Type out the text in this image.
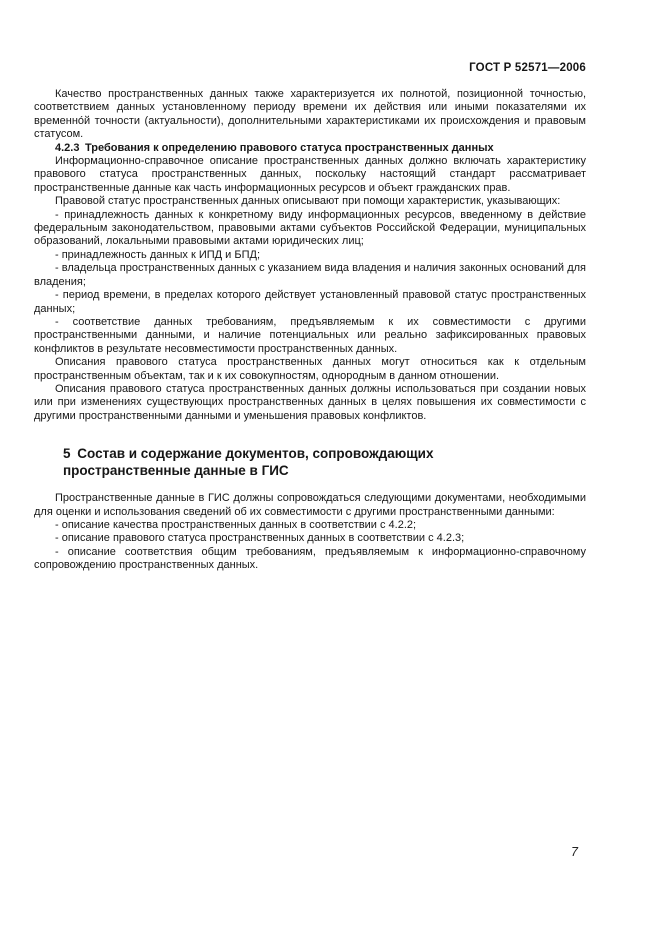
ГОСТ Р 52571—2006

Качество пространственных данных также характеризуется их полнотой, позиционной точностью, соответствием данных установленному периоду времени их действия или иными показателями их временно́й точности (актуальности), дополнительными характеристиками их происхождения и правовым статусом.

4.2.3 Требования к определению правового статуса пространственных данных

Информационно-справочное описание пространственных данных должно включать характеристику правового статуса пространственных данных, поскольку настоящий стандарт рассматривает пространственные данные как часть информационных ресурсов и объект гражданских прав.

Правовой статус пространственных данных описывают при помощи характеристик, указывающих:

- принадлежность данных к конкретному виду информационных ресурсов, введенному в действие федеральным законодательством, правовыми актами субъектов Российской Федерации, муниципальных образований, локальными правовыми актами юридических лиц;

- принадлежность данных к ИПД и БПД;

- владельца пространственных данных с указанием вида владения и наличия законных оснований для владения;

- период времени, в пределах которого действует установленный правовой статус пространственных данных;

- соответствие данных требованиям, предъявляемым к их совместимости с другими пространственными данными, и наличие потенциальных или реально зафиксированных правовых конфликтов в результате несовместимости пространственных данных.

Описания правового статуса пространственных данных могут относиться как к отдельным пространственным объектам, так и к их совокупностям, однородным в данном отношении.

Описания правового статуса пространственных данных должны использоваться при создании новых или при изменениях существующих пространственных данных в целях повышения их совместимости с другими пространственными данными и уменьшения правовых конфликтов.

5 Состав и содержание документов, сопровождающих пространственные данные в ГИС

Пространственные данные в ГИС должны сопровождаться следующими документами, необходимыми для оценки и использования сведений об их совместимости с другими пространственными данными:

- описание качества пространственных данных в соответствии с 4.2.2;

- описание правового статуса пространственных данных в соответствии с 4.2.3;

- описание соответствия общим требованиям, предъявляемым к информационно-справочному сопровождению пространственных данных.

7
